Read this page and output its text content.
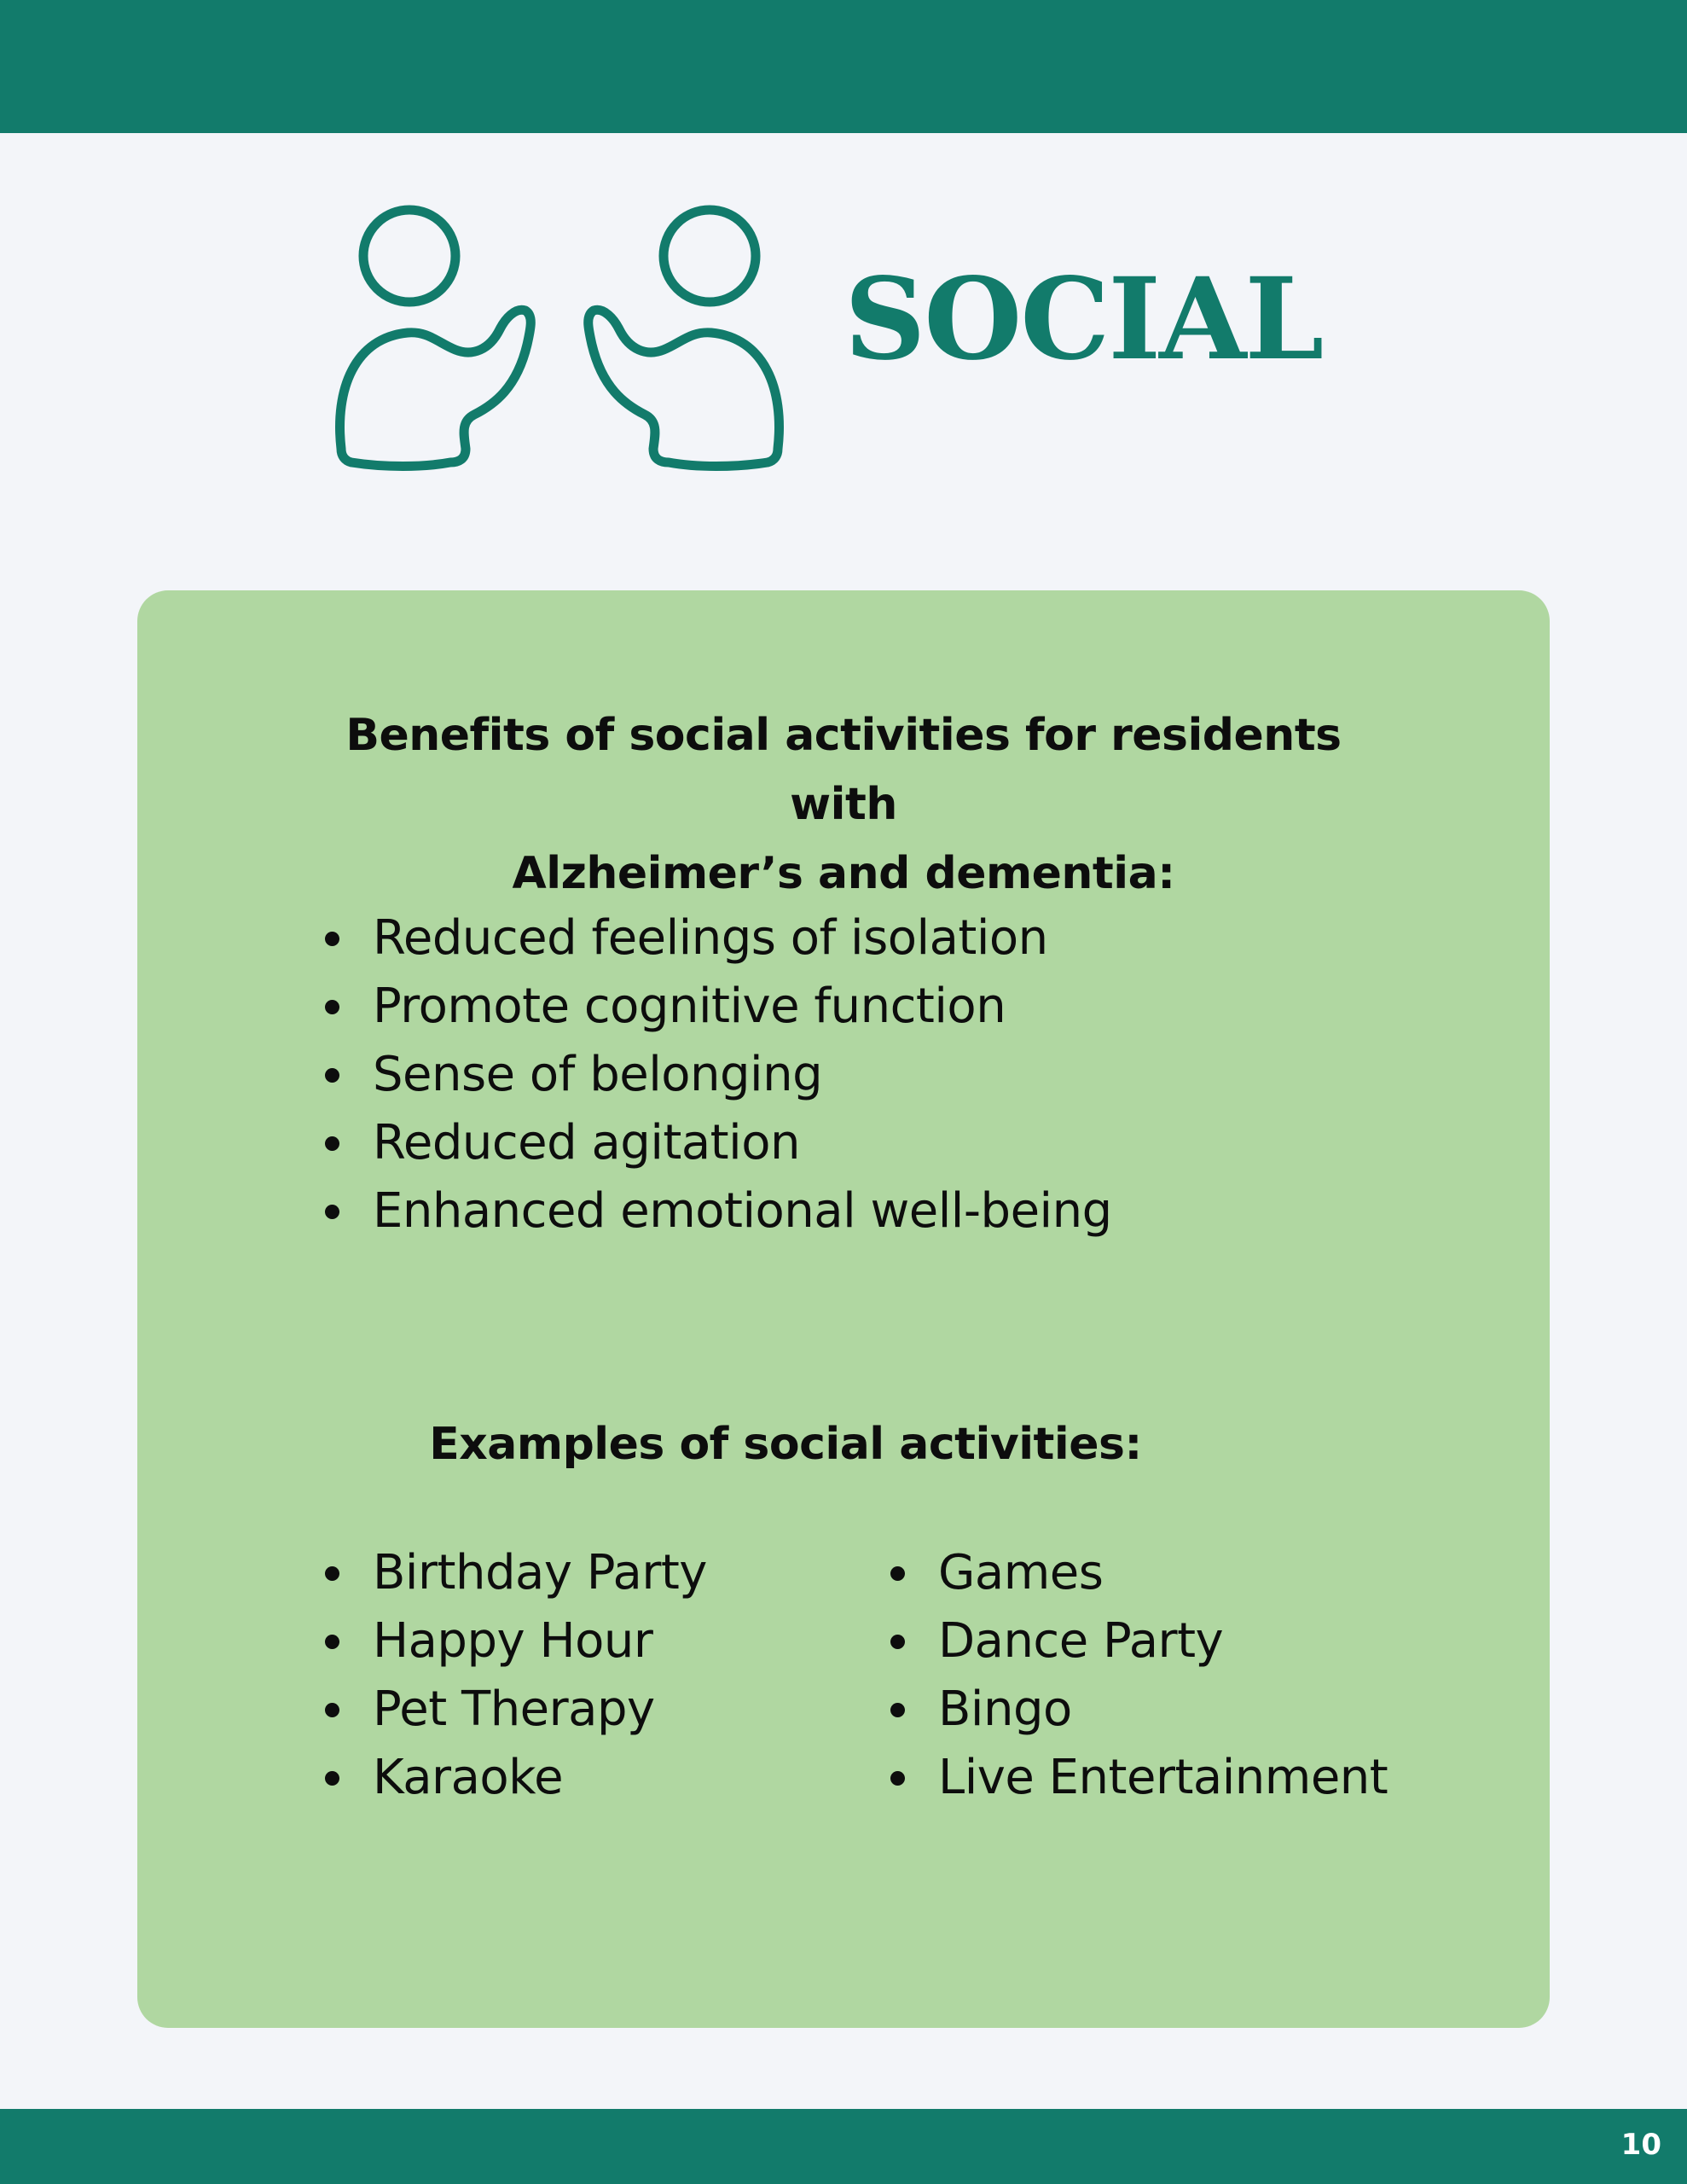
SOCIAL
Benefits of social activities for residents with
Alzheimer’s and dementia:
Reduced feelings of isolation
Promote cognitive function
Sense of belonging
Reduced agitation
Enhanced emotional well-being
Examples of social activities:
Birthday Party
Happy Hour
Pet Therapy
Karaoke
Games
Dance Party
Bingo
Live Entertainment
10
